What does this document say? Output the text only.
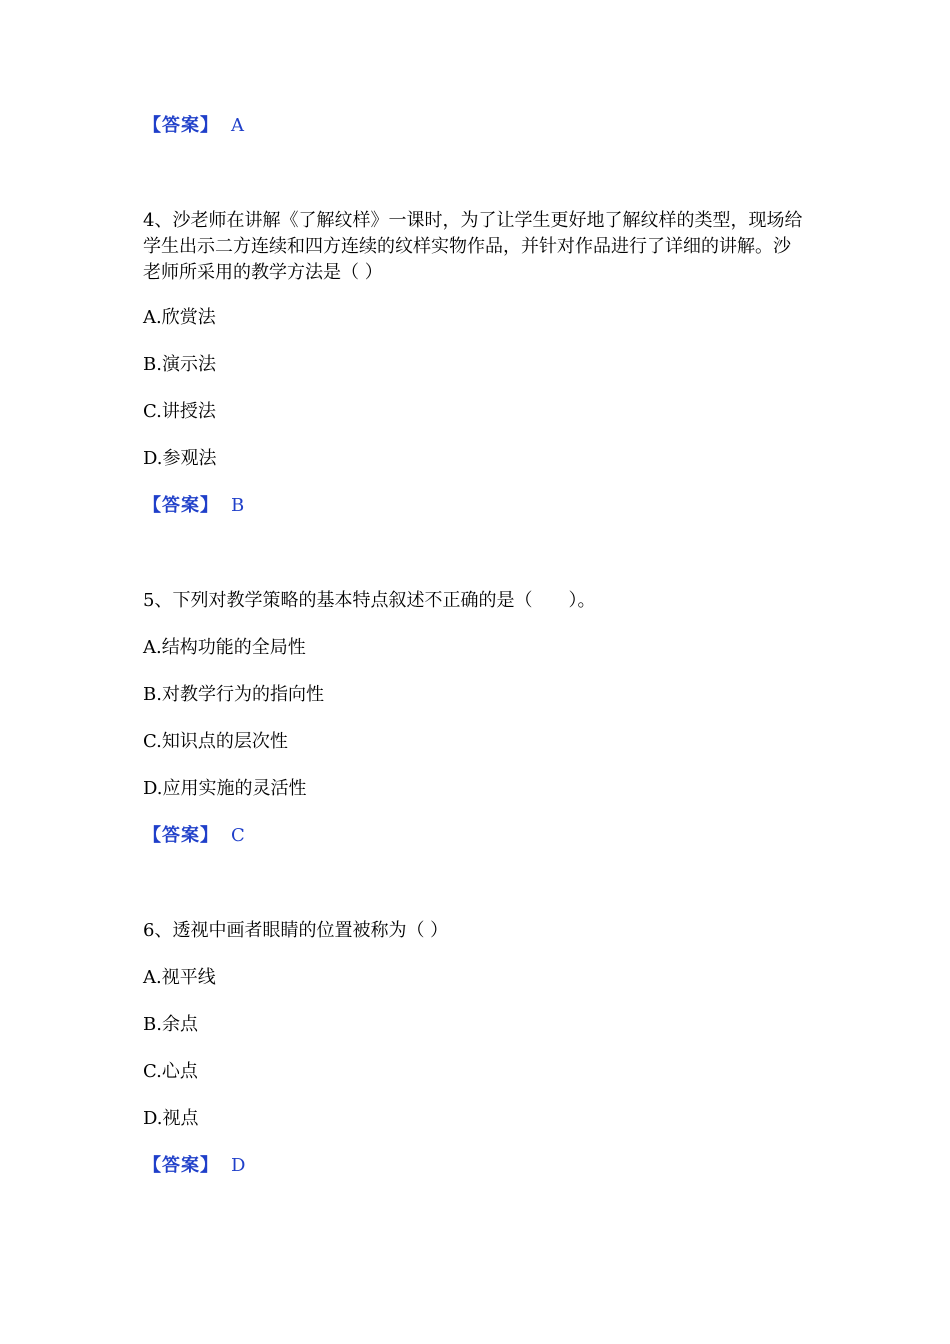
【答案】 A
4、沙老师在讲解《了解纹样》一课时，为了让学生更好地了解纹样的类型，现场给学生出示二方连续和四方连续的纹样实物作品，并针对作品进行了详细的讲解。沙老师所采用的教学方法是（ ）
A.欣赏法
B.演示法
C.讲授法
D.参观法
【答案】 B
5、下列对教学策略的基本特点叙述不正确的是（　　）。
A.结构功能的全局性
B.对教学行为的指向性
C.知识点的层次性
D.应用实施的灵活性
【答案】 C
6、透视中画者眼睛的位置被称为（ ）
A.视平线
B.余点
C.心点
D.视点
【答案】 D
